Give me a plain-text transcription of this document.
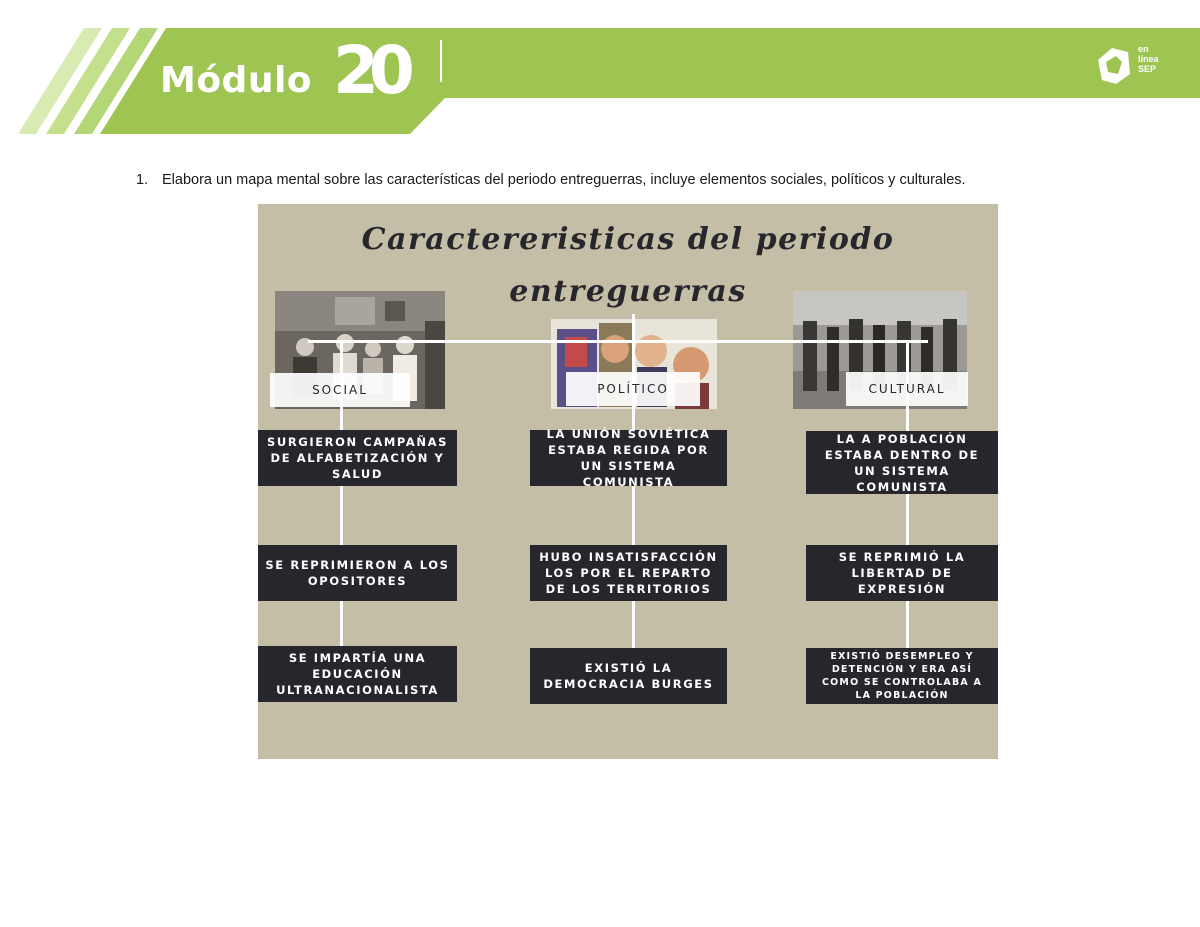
Módulo 20	en
línea
SEP
1. Elabora un mapa mental sobre las características del periodo entreguerras, incluye elementos sociales, políticos y culturales.
Caractereristicas del periodo
entreguerras
SOCIAL	POLÍTICO	CULTURAL
SURGIERON CAMPAÑAS DE ALFABETIZACIÓN Y SALUD
SE REPRIMIERON A LOS OPOSITORES
SE IMPARTÍA UNA EDUCACIÓN ULTRANACIONALISTA
LA UNIÓN SOVIÉTICA ESTABA REGIDA POR UN SISTEMA COMUNISTA
HUBO INSATISFACCIÓN LOS POR EL REPARTO DE LOS TERRITORIOS
EXISTIÓ LA DEMOCRACIA BURGES
LA A POBLACIÓN ESTABA DENTRO DE UN SISTEMA COMUNISTA
SE REPRIMIÓ LA LIBERTAD DE EXPRESIÓN
EXISTIÓ DESEMPLEO Y DETENCIÓN Y ERA ASÍ COMO SE CONTROLABA A LA POBLACIÓN
